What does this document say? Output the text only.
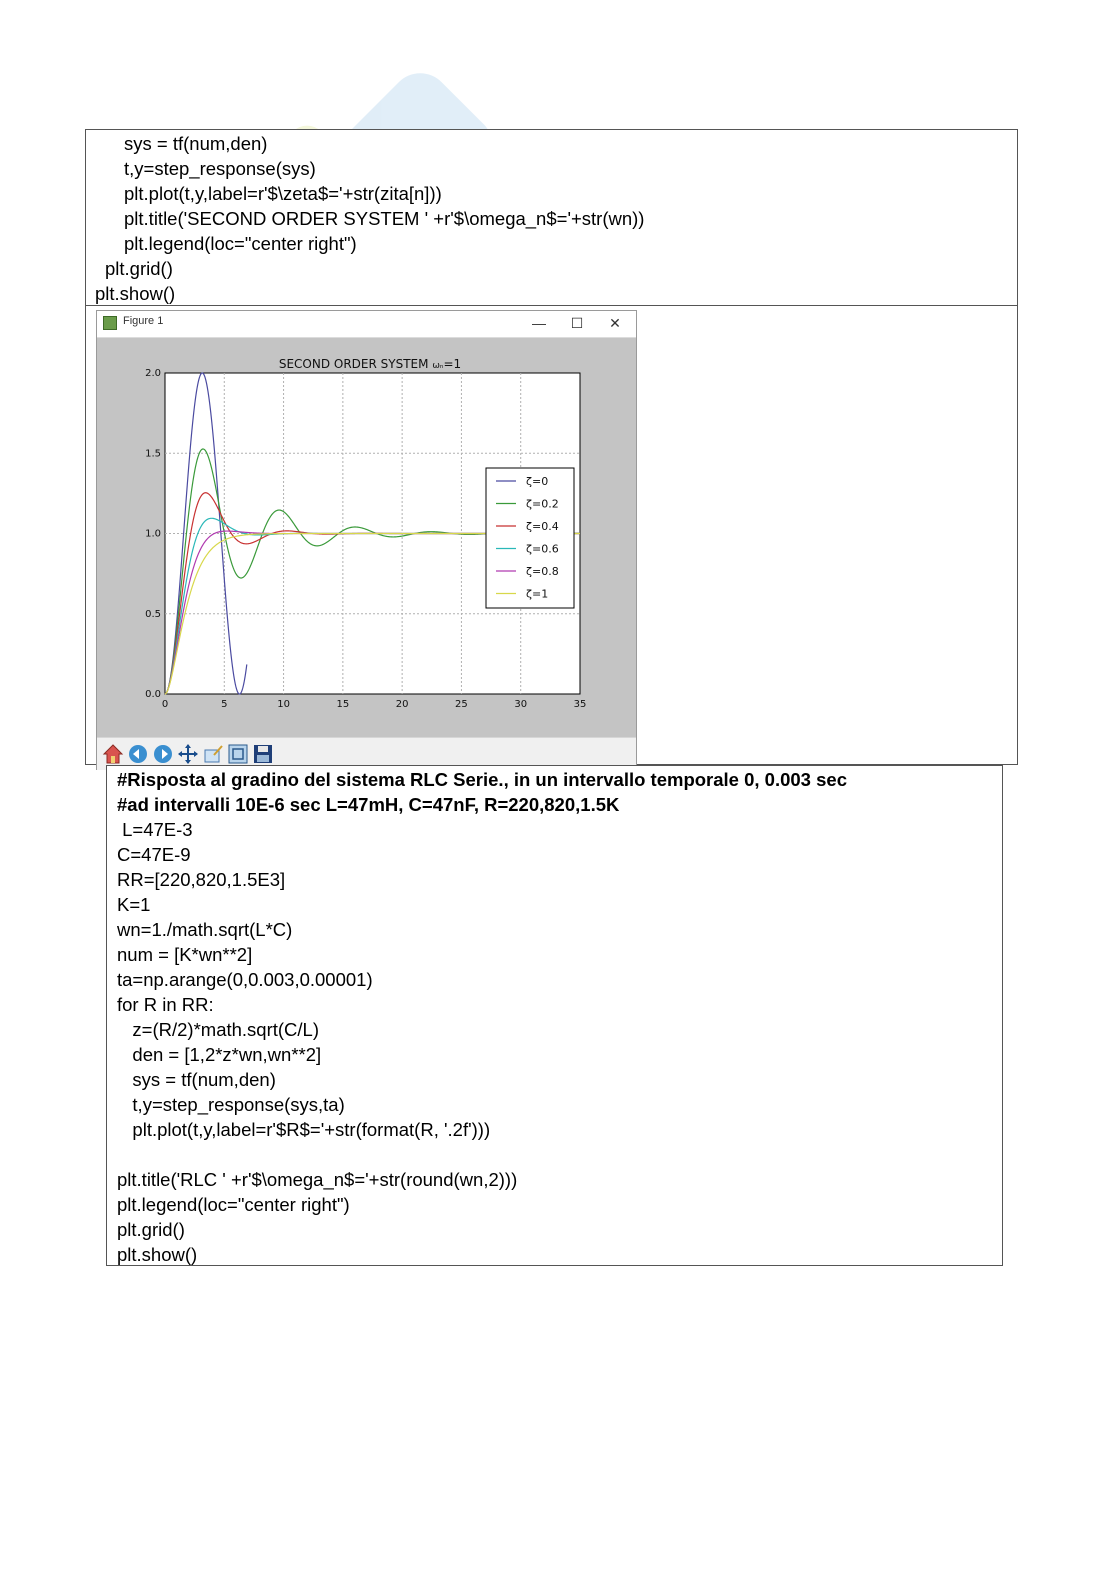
sys = tf(num,den)
t,y=step_response(sys)
plt.plot(t,y,label=r'$\zeta$='+str(zita[n]))
plt.title('SECOND ORDER SYSTEM ' +r'$\omega_n$='+str(wn))
plt.legend(loc="center right")
plt.grid()
plt.show()
Figure 1	— ☐ ✕
SECOND ORDER SYSTEM ωₙ=1
0	5	10	15	20	25	30	35
0.0
0.5
1.0
1.5
2.0
ζ=0
ζ=0.2
ζ=0.4
ζ=0.6
ζ=0.8
ζ=1
#Risposta al gradino del sistema RLC Serie., in un intervallo temporale 0, 0.003 sec
#ad intervalli 10E-6 sec L=47mH, C=47nF, R=220,820,1.5K
L=47E-3
C=47E-9
RR=[220,820,1.5E3]
K=1
wn=1./math.sqrt(L*C)
num = [K*wn**2]
ta=np.arange(0,0.003,0.00001)
for R in RR:
z=(R/2)*math.sqrt(C/L)
den = [1,2*z*wn,wn**2]
sys = tf(num,den)
t,y=step_response(sys,ta)
plt.plot(t,y,label=r'$R$='+str(format(R, '.2f')))
plt.title('RLC ' +r'$\omega_n$='+str(round(wn,2)))
plt.legend(loc="center right")
plt.grid()
plt.show()
